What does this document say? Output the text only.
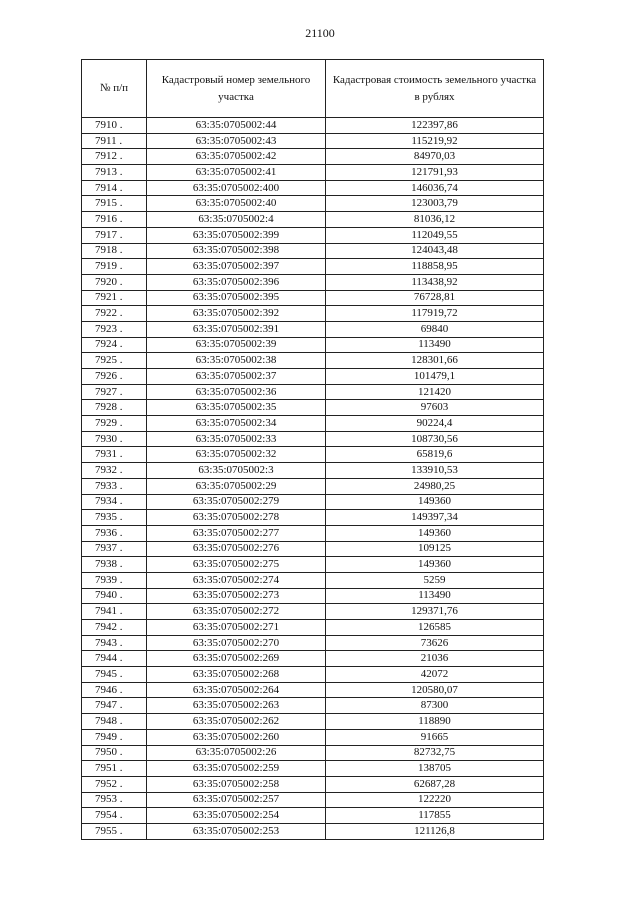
21100
№ п/п	Кадастровый номер земельного участка	Кадастровая стоимость земельного участка в рублях
7910 .	63:35:0705002:44	122397,86
7911 .	63:35:0705002:43	115219,92
7912 .	63:35:0705002:42	84970,03
7913 .	63:35:0705002:41	121791,93
7914 .	63:35:0705002:400	146036,74
7915 .	63:35:0705002:40	123003,79
7916 .	63:35:0705002:4	81036,12
7917 .	63:35:0705002:399	112049,55
7918 .	63:35:0705002:398	124043,48
7919 .	63:35:0705002:397	118858,95
7920 .	63:35:0705002:396	113438,92
7921 .	63:35:0705002:395	76728,81
7922 .	63:35:0705002:392	117919,72
7923 .	63:35:0705002:391	69840
7924 .	63:35:0705002:39	113490
7925 .	63:35:0705002:38	128301,66
7926 .	63:35:0705002:37	101479,1
7927 .	63:35:0705002:36	121420
7928 .	63:35:0705002:35	97603
7929 .	63:35:0705002:34	90224,4
7930 .	63:35:0705002:33	108730,56
7931 .	63:35:0705002:32	65819,6
7932 .	63:35:0705002:3	133910,53
7933 .	63:35:0705002:29	24980,25
7934 .	63:35:0705002:279	149360
7935 .	63:35:0705002:278	149397,34
7936 .	63:35:0705002:277	149360
7937 .	63:35:0705002:276	109125
7938 .	63:35:0705002:275	149360
7939 .	63:35:0705002:274	5259
7940 .	63:35:0705002:273	113490
7941 .	63:35:0705002:272	129371,76
7942 .	63:35:0705002:271	126585
7943 .	63:35:0705002:270	73626
7944 .	63:35:0705002:269	21036
7945 .	63:35:0705002:268	42072
7946 .	63:35:0705002:264	120580,07
7947 .	63:35:0705002:263	87300
7948 .	63:35:0705002:262	118890
7949 .	63:35:0705002:260	91665
7950 .	63:35:0705002:26	82732,75
7951 .	63:35:0705002:259	138705
7952 .	63:35:0705002:258	62687,28
7953 .	63:35:0705002:257	122220
7954 .	63:35:0705002:254	117855
7955 .	63:35:0705002:253	121126,8
